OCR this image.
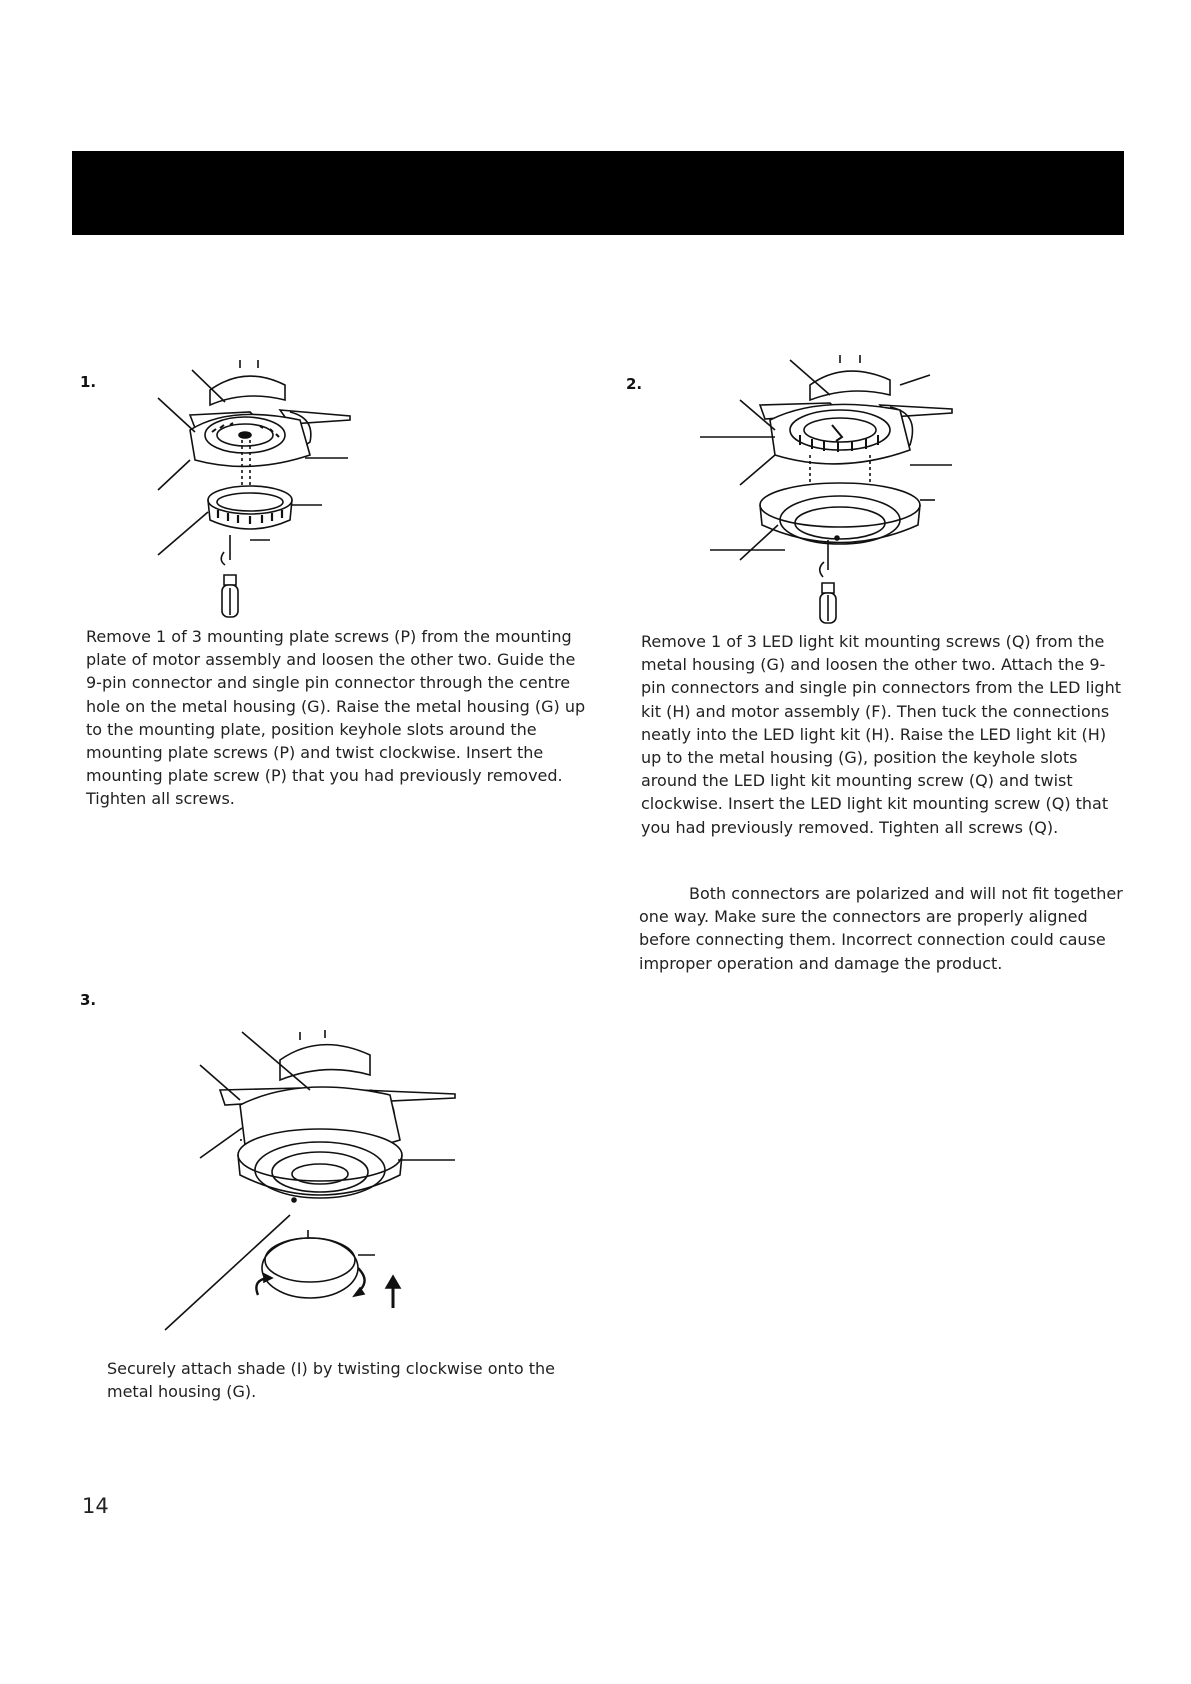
1.
Remove 1 of 3 mounting plate screws (P) from the mounting plate of motor assembly and loosen the other two. Guide the 9-pin connector and single pin connector through the centre hole on the metal housing (G). Raise the metal housing (G) up to the mounting plate, position keyhole slots around the mounting plate screws (P) and twist clockwise. Insert the mounting plate screw (P) that you had previously removed. Tighten all screws.
2.
Remove 1 of 3 LED light kit mounting screws (Q) from the metal housing (G) and loosen the other two. Attach the 9-pin connectors and single pin connectors from the LED light kit (H) and motor assembly (F). Then tuck the connections neatly into the LED light kit (H). Raise the LED light kit (H) up to the metal housing (G), position the keyhole slots around the LED light kit mounting screw (Q) and twist clockwise. Insert the LED light kit mounting screw (Q) that you had previously removed. Tighten all screws (Q).
Both connectors are polarized and will not fit together one way. Make sure the connectors are properly aligned before connecting them. Incorrect connection could cause improper operation and damage the product.
3.
Securely attach shade (I) by twisting clockwise onto the metal housing (G).
14
